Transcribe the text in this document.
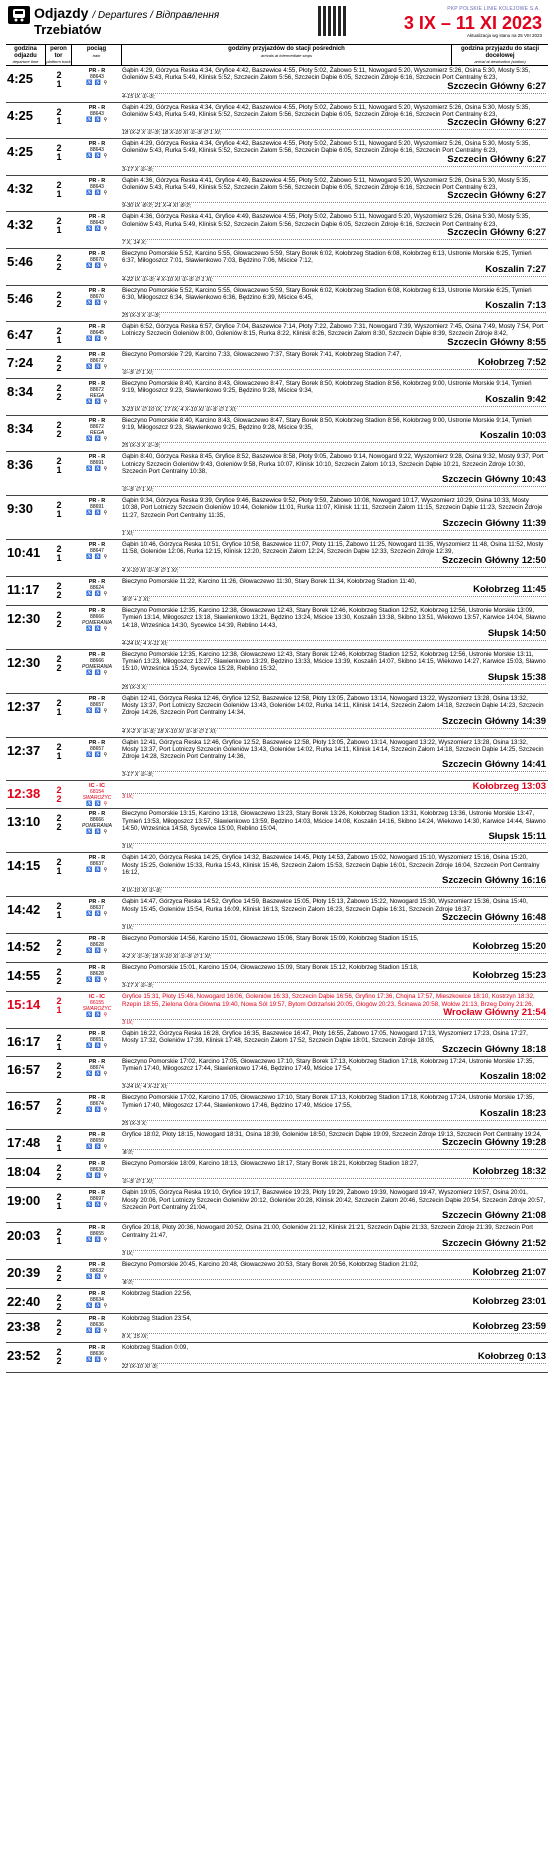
Odjazdy / Departures / Відправлення
Trzebiatów
PKP POLSKIE LINIE KOLEJOWE S.A.
3 IX – 11 XI 2023
Aktualizacja wg stanu na 25 VIII 2023
godzina odjazdu
departure time
peron tor
platform track
pociąg
train
godziny przyjazdów do stacji pośrednich
arrivals at intermediate stops
godzina przyjazdu do stacji docelowej
arrival at destination (station)
4:25	2
1
PR - R
88643
♿ ♿ ⚲
Gąbin 4:29, Górzyca Reska 4:34, Gryfice 4:42, Baszewice 4:55, Płoty 5:02, Żabowo 5:11, Nowogard 5:20, Wyszomierz 5:26, Osina 5:30, Mosty 5:35, Goleniów 5:43, Rurka 5:49, Klinisk 5:52, Szczecin Załom 5:56, Szczecin Dąbie 6:05, Szczecin Zdroje 6:16, Szczecin Port Centralny 6:23,
Szczecin Główny 6:27
4-15 IX ①-⑤;
4:25	2
1
PR - R
88643
♿ ♿ ⚲
Gąbin 4:29, Górzyca Reska 4:34, Gryfice 4:42, Baszewice 4:55, Płoty 5:02, Żabowo 5:11, Nowogard 5:20, Wyszomierz 5:26, Osina 5:30, Mosty 5:35, Goleniów 5:43, Rurka 5:49, Klinisk 5:52, Szczecin Załom 5:56, Szczecin Dąbie 6:05, Szczecin Zdroje 6:16, Szczecin Port Centralny 6:23,
Szczecin Główny 6:27
18 IX-2 X ①-⑤; 18 X-10 XI ①-⑤ ∅ 1 XI;
4:25	2
1
PR - R
88643
♿ ♿ ⚲
Gąbin 4:29, Górzyca Reska 4:34, Gryfice 4:42, Baszewice 4:55, Płoty 5:02, Żabowo 5:11, Nowogard 5:20, Wyszomierz 5:26, Osina 5:30, Mosty 5:35, Goleniów 5:43, Rurka 5:49, Klinisk 5:52, Szczecin Załom 5:56, Szczecin Dąbie 6:05, Szczecin Zdroje 6:16, Szczecin Port Centralny 6:23,
Szczecin Główny 6:27
3-17 X ①-⑤;
4:32	2
1
PR - R
88643
♿ ♿ ⚲
Gąbin 4:36, Górzyca Reska 4:41, Gryfice 4:49, Baszewice 4:55, Płoty 5:02, Żabowo 5:11, Nowogard 5:20, Wyszomierz 5:26, Osina 5:30, Mosty 5:35, Goleniów 5:43, Rurka 5:49, Klinisk 5:52, Szczecin Załom 5:56, Szczecin Dąbie 6:05, Szczecin Zdroje 6:16, Szczecin Port Centralny 6:23,
Szczecin Główny 6:27
9-30 IX ⑥⑦; 21 X-4 XI ⑥⑦;
4:32	2
1
PR - R
88643
♿ ♿ ⚲
Gąbin 4:36, Górzyca Reska 4:41, Gryfice 4:49, Baszewice 4:55, Płoty 5:02, Żabowo 5:11, Nowogard 5:20, Wyszomierz 5:26, Osina 5:30, Mosty 5:35, Goleniów 5:43, Rurka 5:49, Klinisk 5:52, Szczecin Załom 5:56, Szczecin Dąbie 6:05, Szczecin Zdroje 6:16, Szczecin Port Centralny 6:23,
Szczecin Główny 6:27
7 X, 14 X;
5:46	2
2
PR - R
88670
♿ ♿ ⚲
Bieczyno Pomorskie 5:52, Karcino 5:55, Głowaczewo 5:59, Stary Borek 6:02, Kołobrzeg Stadion 6:08, Kołobrzeg 6:13, Ustronie Morskie 6:25, Tymień 6:37, Miłogoszcz 7:01, Sławienkowo 7:03, Będzino 7:06, Mścice 7:12,
Koszalin 7:27
4-22 IX ①-⑤; 4 X-10 XI ①-⑤ ∅ 1 XI;
5:46	2
2
PR - R
88670
♿ ♿ ⚲
Bieczyno Pomorskie 5:52, Karcino 5:55, Głowaczewo 5:59, Stary Borek 6:02, Kołobrzeg Stadion 6:08, Kołobrzeg 6:13, Ustronie Morskie 6:25, Tymień 6:30, Miłogoszcz 6:34, Sławienkowo 6:36, Będzino 6:39, Mścice 6:45,
Koszalin 7:13
25 IX-3 X ①-⑤;
6:47	2
1
PR - R
88645
♿ ♿ ⚲
Gąbin 6:52, Górzyca Reska 6:57, Gryfice 7:04, Baszewice 7:14, Płoty 7:22, Żabowo 7:31, Nowogard 7:39, Wyszomierz 7:45, Osina 7:49, Mosty 7:54, Port Lotniczy Szczecin Goleniów 8:00, Goleniów 8:15, Rurka 8:22, Klinisk 8:26, Szczecin Załom 8:30, Szczecin Dąbie 8:39, Szczecin Zdroje 8:42,
Szczecin Główny 8:55
7:24	2
2
PR - R
88672
♿ ♿ ⚲
Bieczyno Pomorskie 7:29, Karcino 7:33, Głowaczewo 7:37, Stary Borek 7:41, Kołobrzeg Stadion 7:47,
Kołobrzeg 7:52
①-⑤ ∅ 1 XI;
8:34	2
2
PR - R
88672
REGA
♿ ♿ ⚲
Bieczyno Pomorskie 8:40, Karcino 8:43, Głowaczewo 8:47, Stary Borek 8:50, Kołobrzeg Stadion 8:56, Kołobrzeg 9:00, Ustronie Morskie 9:14, Tymień 9:19, Miłogoszcz 9:23, Sławienkowo 9:25, Będzino 9:28, Mścice 9:34,
Koszalin 9:42
3-23 IX ∅ 10 IX, 17 IX; 4 X-10 XI ①-⑤ ∅ 1 XI;
8:34	2
2
PR - R
88672
REGA
♿ ♿ ⚲
Bieczyno Pomorskie 8:40, Karcino 8:43, Głowaczewo 8:47, Stary Borek 8:50, Kołobrzeg Stadion 8:56, Kołobrzeg 9:00, Ustronie Morskie 9:14, Tymień 9:19, Miłogoszcz 9:23, Sławienkowo 9:25, Będzino 9:28, Mścice 9:35,
Koszalin 10:03
25 IX-3 X ①-⑤;
8:36	2
1
PR - R
88691
♿ ♿ ⚲
Gąbin 8:40, Górzyca Reska 8:45, Gryfice 8:52, Baszewice 8:58, Płoty 9:05, Żabowo 9:14, Nowogard 9:22, Wyszomierz 9:28, Osina 9:32, Mosty 9:37, Port Lotniczy Szczecin Goleniów 9:43, Goleniów 9:58, Rurka 10:07, Klinisk 10:10, Szczecin Załom 10:13, Szczecin Dąbie 10:21, Szczecin Zdroje 10:30, Szczecin Port Centralny 10:38,
Szczecin Główny 10:43
①-⑤ ∅ 1 XI;
9:30	2
1
PR - R
88691
♿ ♿ ⚲
Gąbin 9:34, Górzyca Reska 9:39, Gryfice 9:46, Baszewice 9:52, Płoty 9:59, Żabowo 10:08, Nowogard 10:17, Wyszomierz 10:29, Osina 10:33, Mosty 10:38, Port Lotniczy Szczecin Goleniów 10:44, Goleniów 11:01, Rurka 11:07, Klinisk 11:11, Szczecin Załom 11:15, Szczecin Dąbie 11:23, Szczecin Zdroje 11:27, Szczecin Port Centralny 11:35,
Szczecin Główny 11:39
1 XI;
10:41	2
1
PR - R
88647
♿ ♿ ⚲
Gąbin 10:46, Górzyca Reska 10:51, Gryfice 10:58, Baszewice 11:07, Płoty 11:15, Żabowo 11:25, Nowogard 11:35, Wyszomierz 11:48, Osina 11:52, Mosty 11:58, Goleniów 12:06, Rurka 12:15, Klinisk 12:20, Szczecin Załom 12:24, Szczecin Dąbie 12:33, Szczecin Zdroje 12:39,
Szczecin Główny 12:50
4 X-10 XI ①-⑤ ∅ 1 XI;
11:17	2
2
PR - R
88624
♿ ♿ ⚲
Bieczyno Pomorskie 11:22, Karcino 11:26, Głowaczewo 11:30, Stary Borek 11:34, Kołobrzeg Stadion 11:40,
Kołobrzeg 11:45
⑥⑦ + 1 XI;
12:30	2
2
PR - R
88666
POMERANIA
♿ ♿ ⚲
Bieczyno Pomorskie 12:35, Karcino 12:38, Głowaczewo 12:43, Stary Borek 12:46, Kołobrzeg Stadion 12:52, Kołobrzeg 12:56, Ustronie Morskie 13:09, Tymień 13:14, Miłogoszcz 13:18, Sławienkowo 13:21, Będzino 13:24, Mścice 13:30, Koszalin 13:38, Skibno 13:51, Wiekowo 13:57, Karwice 14:04, Sławno 14:18, Wrześnica 14:30, Sycewice 14:39, Reblino 14:43,
Słupsk 14:50
4-24 IX; 4 X-11 XI;
12:30	2
2
PR - R
88666
POMERANIA
♿ ♿ ⚲
Bieczyno Pomorskie 12:35, Karcino 12:38, Głowaczewo 12:43, Stary Borek 12:46, Kołobrzeg Stadion 12:52, Kołobrzeg 12:56, Ustronie Morskie 13:11, Tymień 13:23, Miłogoszcz 13:27, Sławienkowo 13:29, Będzino 13:33, Mścice 13:39, Koszalin 14:07, Skibno 14:15, Wiekowo 14:27, Karwice 15:03, Sławno 15:10, Wrześnica 15:24, Sycewice 15:28, Reblino 15:32,
Słupsk 15:38
25 IX-3 X;
12:37	2
1
PR - R
88657
♿ ♿ ⚲
Gąbin 12:41, Górzyca Reska 12:46, Gryfice 12:52, Baszewice 12:58, Płoty 13:05, Żabowo 13:14, Nowogard 13:22, Wyszomierz 13:28, Osina 13:32, Mosty 13:37, Port Lotniczy Szczecin Goleniów 13:43, Goleniów 14:02, Rurka 14:11, Klinisk 14:14, Szczecin Załom 14:18, Szczecin Dąbie 14:23, Szczecin Zdroje 14:26, Szczecin Port Centralny 14:34,
Szczecin Główny 14:39
4 X-2 X ①-⑤; 18 X-10 XI ①-⑤ ∅ 1 XI;
12:37	2
1
PR - R
88657
♿ ♿ ⚲
Gąbin 12:41, Górzyca Reska 12:46, Gryfice 12:52, Baszewice 12:58, Płoty 13:05, Żabowo 13:14, Nowogard 13:22, Wyszomierz 13:28, Osina 13:32, Mosty 13:37, Port Lotniczy Szczecin Goleniów 13:43, Goleniów 14:02, Rurka 14:11, Klinisk 14:14, Szczecin Załom 14:18, Szczecin Dąbie 14:25, Szczecin Zdroje 14:28, Szczecin Port Centralny 14:36,
Szczecin Główny 14:41
3-17 X ①-⑤;
12:38	2
2
IC - IC
68154
SWAROŻYC
♿ ♿ ⚲
Kołobrzeg 13:03
3 IX;
13:10	2
2
PR - R
88666
POMERANIA
♿ ♿ ⚲
Bieczyno Pomorskie 13:15, Karcino 13:18, Głowaczewo 13:23, Stary Borek 13:26, Kołobrzeg Stadion 13:31, Kołobrzeg 13:36, Ustronie Morskie 13:47, Tymień 13:53, Miłogoszcz 13:57, Sławienkowo 13:59, Będzino 14:03, Mścice 14:08, Koszalin 14:16, Skibno 14:24, Wiekowo 14:30, Karwice 14:44, Sławno 14:50, Wrześnica 14:58, Sycewice 15:00, Reblino 15:04,
Słupsk 15:11
3 IX;
14:15	2
1
PR - R
88637
♿ ♿ ⚲
Gąbin 14:20, Górzyca Reska 14:25, Gryfice 14:32, Baszewice 14:45, Płoty 14:53, Żabowo 15:02, Nowogard 15:10, Wyszomierz 15:16, Osina 15:20, Mosty 15:25, Goleniów 15:33, Rurka 15:43, Klinisk 15:46, Szczecin Załom 15:53, Szczecin Dąbie 16:01, Szczecin Zdroje 16:04, Szczecin Port Centralny 16:12,
Szczecin Główny 16:16
4 IX-10 XI ①-⑤;
14:42	2
1
PR - R
88637
♿ ♿ ⚲
Gąbin 14:47, Górzyca Reska 14:52, Gryfice 14:59, Baszewice 15:05, Płoty 15:13, Żabowo 15:22, Nowogard 15:30, Wyszomierz 15:36, Osina 15:40, Mosty 15:45, Goleniów 15:54, Rurka 16:09, Klinisk 16:13, Szczecin Załom 16:23, Szczecin Dąbie 16:31, Szczecin Zdroje 16:37,
Szczecin Główny 16:48
3 IX;
14:52	2
2
PR - R
88628
♿ ♿ ⚲
Bieczyno Pomorskie 14:56, Karcino 15:01, Głowaczewo 15:06, Stary Borek 15:09, Kołobrzeg Stadion 15:15,
Kołobrzeg 15:20
4-2 X ①-⑤; 18 X-10 XI ①-⑤ ∅ 1 XI;
14:55	2
2
PR - R
88628
♿ ♿ ⚲
Bieczyno Pomorskie 15:01, Karcino 15:04, Głowaczewo 15:09, Stary Borek 15:12, Kołobrzeg Stadion 15:18,
Kołobrzeg 15:23
3-17 X ①-⑤;
15:14	2
1
IC - IC
86155
SWAROŻYC
♿ ♿ ⚲
Gryfice 15:31, Płoty 15:46, Nowogard 16:06, Goleniów 16:33, Szczecin Dąbie 16:56, Gryfino 17:36, Chojna 17:57, Mieszkowice 18:10, Kostrzyn 18:32, Rzepin 18:55, Zielona Góra Główna 19:40, Nowa Sól 19:57, Bytom Odrzański 20:05, Głogów 20:23, Ścinawa 20:58, Wołów 21:13, Brzeg Dolny 21:26,
Wrocław Główny 21:54
3 IX;
16:17	2
1
PR - R
88651
♿ ♿ ⚲
Gąbin 16:22, Górzyca Reska 16:28, Gryfice 16:35, Baszewice 16:47, Płoty 16:55, Żabowo 17:05, Nowogard 17:13, Wyszomierz 17:23, Osina 17:27, Mosty 17:32, Goleniów 17:39, Klinisk 17:48, Szczecin Załom 17:52, Szczecin Dąbie 18:01, Szczecin Zdroje 18:05,
Szczecin Główny 18:18
16:57	2
2
PR - R
88674
♿ ♿ ⚲
Bieczyno Pomorskie 17:02, Karcino 17:05, Głowaczewo 17:10, Stary Borek 17:13, Kołobrzeg Stadion 17:18, Kołobrzeg 17:24, Ustronie Morskie 17:35, Tymień 17:40, Miłogoszcz 17:44, Sławienkowo 17:46, Będzino 17:49, Mścice 17:54,
Koszalin 18:02
3-24 IX; 4 X-11 XI;
16:57	2
2
PR - R
88674
♿ ♿ ⚲
Bieczyno Pomorskie 17:02, Karcino 17:05, Głowaczewo 17:10, Stary Borek 17:13, Kołobrzeg Stadion 17:18, Kołobrzeg 17:24, Ustronie Morskie 17:35, Tymień 17:40, Miłogoszcz 17:44, Sławienkowo 17:46, Będzino 17:49, Mścice 17:55,
Koszalin 18:23
25 IX-3 X;
17:48	2
1
PR - R
88659
♿ ♿ ⚲
Gryfice 18:02, Płoty 18:15, Nowogard 18:31, Osina 18:39, Goleniów 18:50, Szczecin Dąbie 19:09, Szczecin Zdroje 19:13, Szczecin Port Centralny 19:24,
Szczecin Główny 19:28
⑥⑦;
18:04	2
2
PR - R
88630
♿ ♿ ⚲
Bieczyno Pomorskie 18:09, Karcino 18:13, Głowaczewo 18:17, Stary Borek 18:21, Kołobrzeg Stadion 18:27,
Kołobrzeg 18:32
①-⑤ ∅ 1 XI;
19:00	2
1
PR - R
88697
♿ ♿ ⚲
Gąbin 19:05, Górzyca Reska 19:10, Gryfice 19:17, Baszewice 19:23, Płoty 19:29, Żabowo 19:39, Nowogard 19:47, Wyszomierz 19:57, Osina 20:01, Mosty 20:06, Port Lotniczy Szczecin Goleniów 20:12, Goleniów 20:28, Klinisk 20:42, Szczecin Załom 20:46, Szczecin Dąbie 20:54, Szczecin Zdroje 20:57, Szczecin Port Centralny 21:04,
Szczecin Główny 21:08
20:03	2
1
PR - R
88655
♿ ♿ ⚲
Gryfice 20:18, Płoty 20:36, Nowogard 20:52, Osina 21:00, Goleniów 21:12, Klinisk 21:21, Szczecin Dąbie 21:33, Szczecin Zdroje 21:39, Szczecin Port Centralny 21:47,
Szczecin Główny 21:52
3 IX;
20:39	2
2
PR - R
88632
♿ ♿ ⚲
Bieczyno Pomorskie 20:45, Karcino 20:48, Głowaczewo 20:53, Stary Borek 20:56, Kołobrzeg Stadion 21:02,
Kołobrzeg 21:07
⑥⑦;
22:40	2
2
PR - R
88634
♿ ♿ ⚲
Kołobrzeg Stadion 22:56,
Kołobrzeg 23:01
23:38	2
2
PR - R
88636
♿ ♿ ⚲
Kołobrzeg Stadion 23:54,
Kołobrzeg 23:59
8 X, 15 IX;
23:52	2
2
PR - R
88636
♿ ♿ ⚲
Kołobrzeg Stadion 0:09,
Kołobrzeg 0:13
22 IX-10 XI ⑤;
